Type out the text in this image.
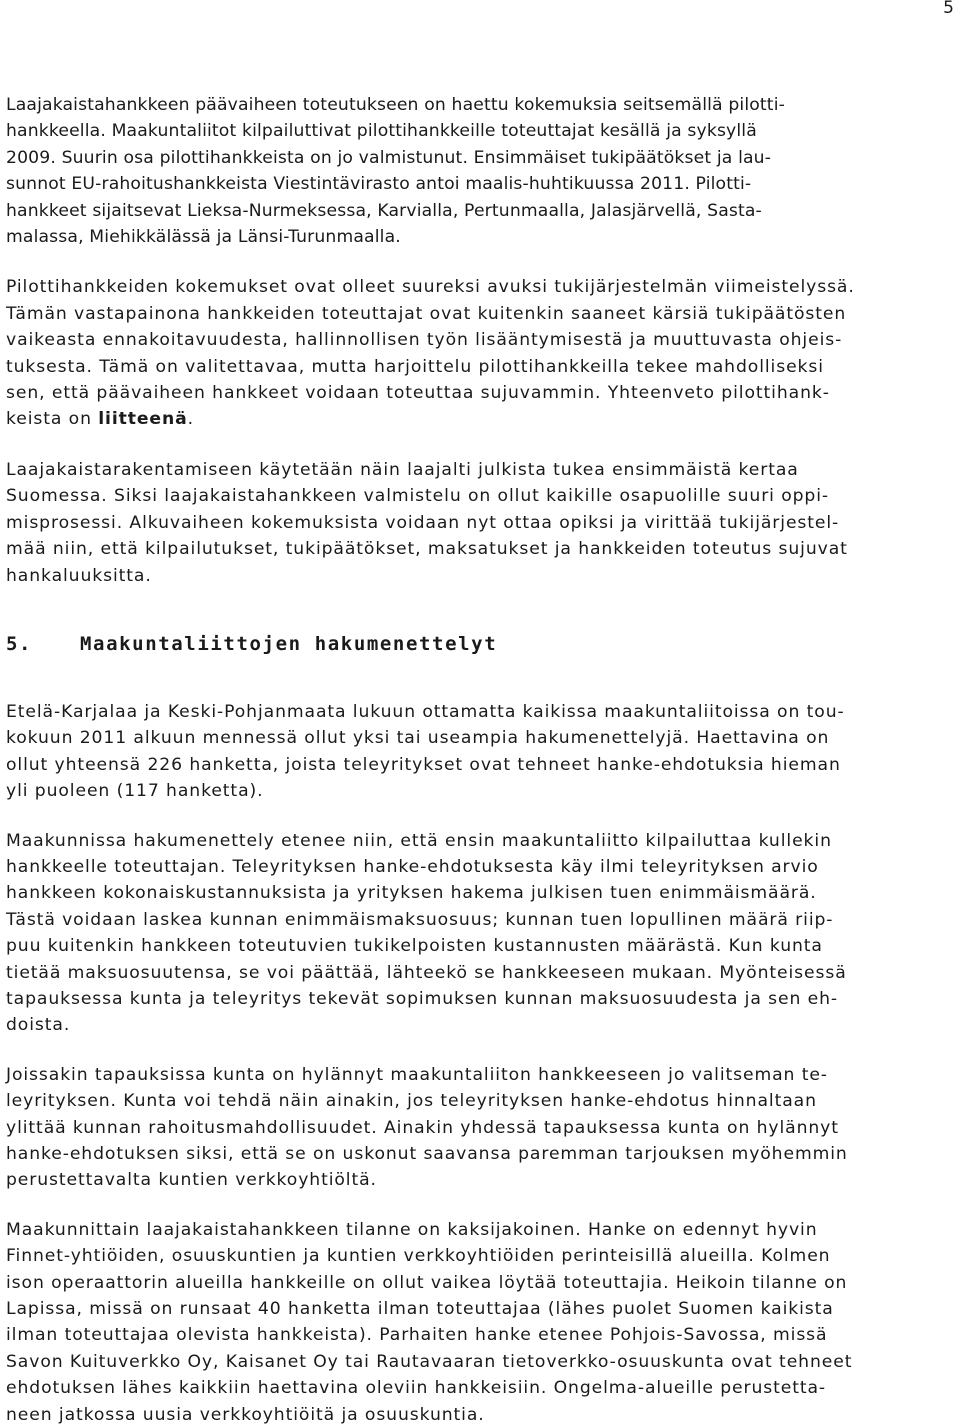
5

Laajakaistahankkeen päävaiheen toteutukseen on haettu kokemuksia seitsemällä pilotti-
hankkeella. Maakuntaliitot kilpailuttivat pilottihankkeille toteuttajat kesällä ja syksyllä
2009. Suurin osa pilottihankkeista on jo valmistunut. Ensimmäiset tukipäätökset ja lau-
sunnot EU-rahoitushankkeista Viestintävirasto antoi maalis-huhtikuussa 2011. Pilotti-
hankkeet sijaitsevat Lieksa-Nurmeksessa, Karvialla, Pertunmaalla, Jalasjärvellä, Sasta-
malassa, Miehikkälässä ja Länsi-Turunmaalla.

Pilottihankkeiden kokemukset ovat olleet suureksi avuksi tukijärjestelmän viimeistelyssä.
Tämän vastapainona hankkeiden toteuttajat ovat kuitenkin saaneet kärsiä tukipäätösten
vaikeasta ennakoitavuudesta, hallinnollisen työn lisääntymisestä ja muuttuvasta ohjeis-
tuksesta. Tämä on valitettavaa, mutta harjoittelu pilottihankkeilla tekee mahdolliseksi
sen, että päävaiheen hankkeet voidaan toteuttaa sujuvammin. Yhteenveto pilottihank-
keista on liitteenä.

Laajakaistarakentamiseen käytetään näin laajalti julkista tukea ensimmäistä kertaa
Suomessa. Siksi laajakaistahankkeen valmistelu on ollut kaikille osapuolille suuri oppi-
misprosessi. Alkuvaiheen kokemuksista voidaan nyt ottaa opiksi ja virittää tukijärjestel-
mää niin, että kilpailutukset, tukipäätökset, maksatukset ja hankkeiden toteutus sujuvat
hankaluuksitta.

5.	Maakuntaliittojen hakumenettelyt

Etelä-Karjalaa ja Keski-Pohjanmaata lukuun ottamatta kaikissa maakuntaliitoissa on tou-
kokuun 2011 alkuun mennessä ollut yksi tai useampia hakumenettelyjä. Haettavina on
ollut yhteensä 226 hanketta, joista teleyritykset ovat tehneet hanke-ehdotuksia hieman
yli puoleen (117 hanketta).

Maakunnissa hakumenettely etenee niin, että ensin maakuntaliitto kilpailuttaa kullekin
hankkeelle toteuttajan. Teleyrityksen hanke-ehdotuksesta käy ilmi teleyrityksen arvio
hankkeen kokonaiskustannuksista ja yrityksen hakema julkisen tuen enimmäismäärä.
Tästä voidaan laskea kunnan enimmäismaksuosuus; kunnan tuen lopullinen määrä riip-
puu kuitenkin hankkeen toteutuvien tukikelpoisten kustannusten määrästä. Kun kunta
tietää maksuosuutensa, se voi päättää, lähteekö se hankkeeseen mukaan. Myönteisessä
tapauksessa kunta ja teleyritys tekevät sopimuksen kunnan maksuosuudesta ja sen eh-
doista.

Joissakin tapauksissa kunta on hylännyt maakuntaliiton hankkeeseen jo valitseman te-
leyrityksen. Kunta voi tehdä näin ainakin, jos teleyrityksen hanke-ehdotus hinnaltaan
ylittää kunnan rahoitusmahdollisuudet. Ainakin yhdessä tapauksessa kunta on hylännyt
hanke-ehdotuksen siksi, että se on uskonut saavansa paremman tarjouksen myöhemmin
perustettavalta kuntien verkkoyhtiöltä.

Maakunnittain laajakaistahankkeen tilanne on kaksijakoinen. Hanke on edennyt hyvin
Finnet-yhtiöiden, osuuskuntien ja kuntien verkkoyhtiöiden perinteisillä alueilla. Kolmen
ison operaattorin alueilla hankkeille on ollut vaikea löytää toteuttajia. Heikoin tilanne on
Lapissa, missä on runsaat 40 hanketta ilman toteuttajaa (lähes puolet Suomen kaikista
ilman toteuttajaa olevista hankkeista). Parhaiten hanke etenee Pohjois-Savossa, missä
Savon Kuituverkko Oy, Kaisanet Oy tai Rautavaaran tietoverkko-osuuskunta ovat tehneet
ehdotuksen lähes kaikkiin haettavina oleviin hankkeisiin. Ongelma-alueille perustetta-
neen jatkossa uusia verkkoyhtiöitä ja osuuskuntia.
